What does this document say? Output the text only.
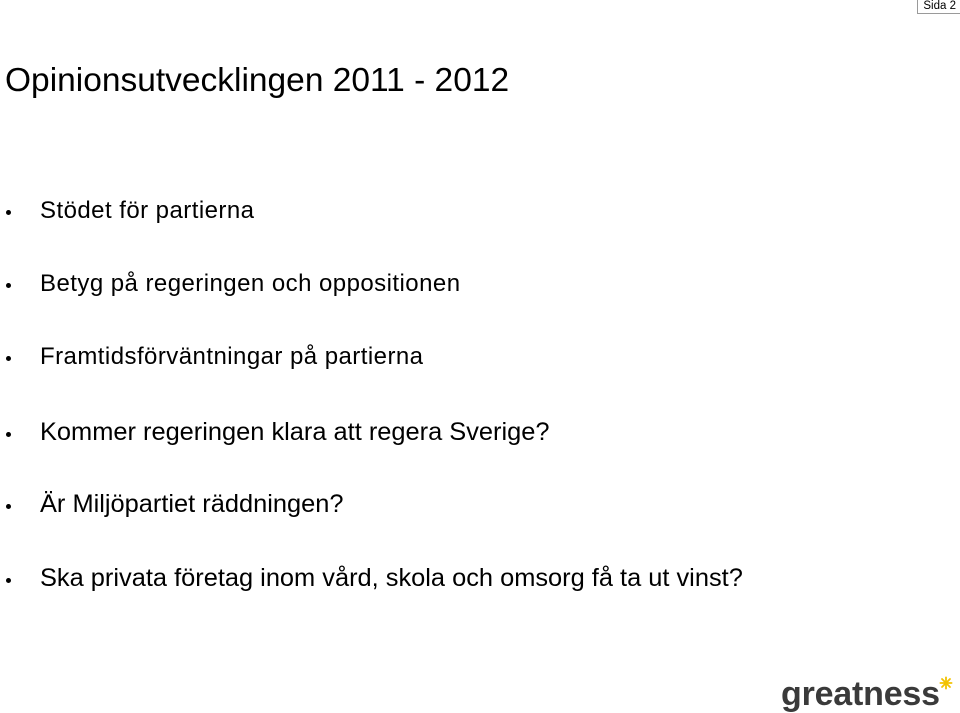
Sida 2
Opinionsutvecklingen 2011 - 2012
Stödet för partierna
Betyg på regeringen och oppositionen
Framtidsförväntningar på partierna
Kommer regeringen klara att regera Sverige?
Är Miljöpartiet räddningen?
Ska privata företag inom vård, skola och omsorg få ta ut vinst?
greatness
